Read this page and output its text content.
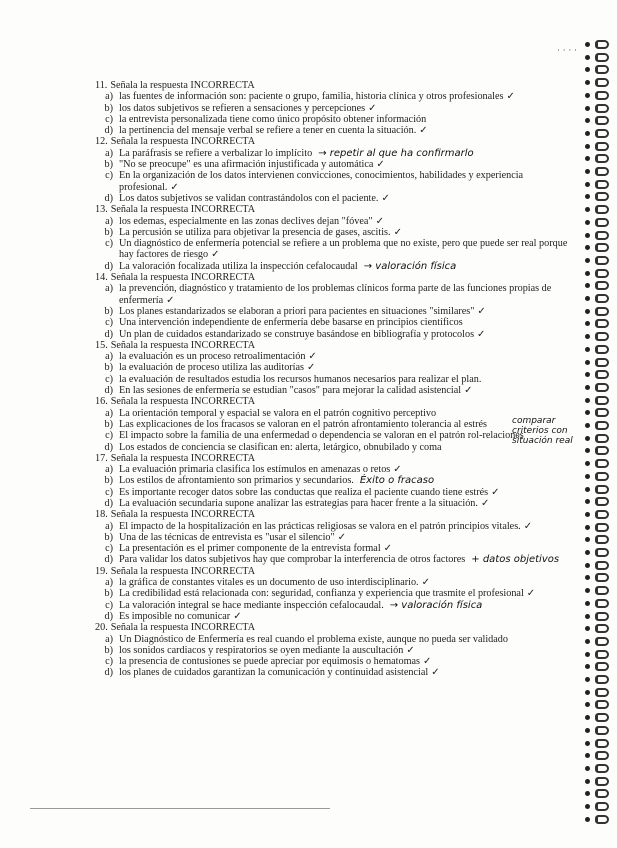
· · · ·
11. Señala la respuesta INCORRECTA
a) las fuentes de información son: paciente o grupo, familia, historia clínica y otros profesionales ✓
b) los datos subjetivos se refieren a sensaciones y percepciones ✓
c) la entrevista personalizada tiene como único propósito obtener información
d) la pertinencia del mensaje verbal se refiere a tener en cuenta la situación. ✓
12. Señala la respuesta INCORRECTA
a) La paráfrasis se refiere a verbalizar lo implícito → repetir al que ha confirmarlo
b) "No se preocupe" es una afirmación injustificada y automática ✓
c) En la organización de los datos intervienen convicciones, conocimientos, habilidades y experiencia profesional. ✓
d) Los datos subjetivos se validan contrastándolos con el paciente. ✓
13. Señala la respuesta INCORRECTA
a) los edemas, especialmente en las zonas declives dejan "fóvea" ✓
b) La percusión se utiliza para objetivar la presencia de gases, ascitis. ✓
c) Un diagnóstico de enfermería potencial se refiere a un problema que no existe, pero que puede ser real porque hay factores de riesgo ✓
d) La valoración focalizada utiliza la inspección cefalocaudal → valoración física
14. Señala la respuesta INCORRECTA
a) la prevención, diagnóstico y tratamiento de los problemas clínicos forma parte de las funciones propias de enfermería ✓
b) Los planes estandarizados se elaboran a priori para pacientes en situaciones "similares" ✓
c) Una intervención independiente de enfermería debe basarse en principios científicos
d) Un plan de cuidados estandarizado se construye basándose en bibliografía y protocolos ✓
15. Señala la respuesta INCORRECTA
a) la evaluación es un proceso retroalimentación ✓
b) la evaluación de proceso utiliza las auditorías ✓
c) la evaluación de resultados estudia los recursos humanos necesarios para realizar el plan.
d) En las sesiones de enfermería se estudian "casos" para mejorar la calidad asistencial ✓
16. Señala la respuesta INCORRECTA
a) La orientación temporal y espacial se valora en el patrón cognitivo perceptivo
b) Las explicaciones de los fracasos se valoran en el patrón afrontamiento tolerancia al estrés
c) El impacto sobre la familia de una enfermedad o dependencia se valoran en el patrón rol-relaciones
d) Los estados de conciencia se clasifican en: alerta, letárgico, obnubilado y coma
17. Señala la respuesta INCORRECTA
a) La evaluación primaria clasifica los estímulos en amenazas o retos ✓
b) Los estilos de afrontamiento son primarios y secundarios. Éxito o fracaso
c) Es importante recoger datos sobre las conductas que realiza el paciente cuando tiene estrés ✓
d) La evaluación secundaria supone analizar las estrategias para hacer frente a la situación. ✓
18. Señala la respuesta INCORRECTA
a) El impacto de la hospitalización en las prácticas religiosas se valora en el patrón principios vitales. ✓
b) Una de las técnicas de entrevista es "usar el silencio" ✓
c) La presentación es el primer componente de la entrevista formal ✓
d) Para validar los datos subjetivos hay que comprobar la interferencia de otros factores + datos objetivos
19. Señala la respuesta INCORRECTA
a) la gráfica de constantes vitales es un documento de uso interdisciplinario. ✓
b) La credibilidad está relacionada con: seguridad, confianza y experiencia que trasmite el profesional ✓
c) La valoración integral se hace mediante inspección cefalocaudal. → valoración física
d) Es imposible no comunicar ✓
20. Señala la respuesta INCORRECTA
a) Un Diagnóstico de Enfermería es real cuando el problema existe, aunque no pueda ser validado
b) los sonidos cardiacos y respiratorios se oyen mediante la auscultación ✓
c) la presencia de contusiones se puede apreciar por equimosis o hematomas ✓
d) los planes de cuidados garantizan la comunicación y continuidad asistencial ✓
comparar criterios con situación real
